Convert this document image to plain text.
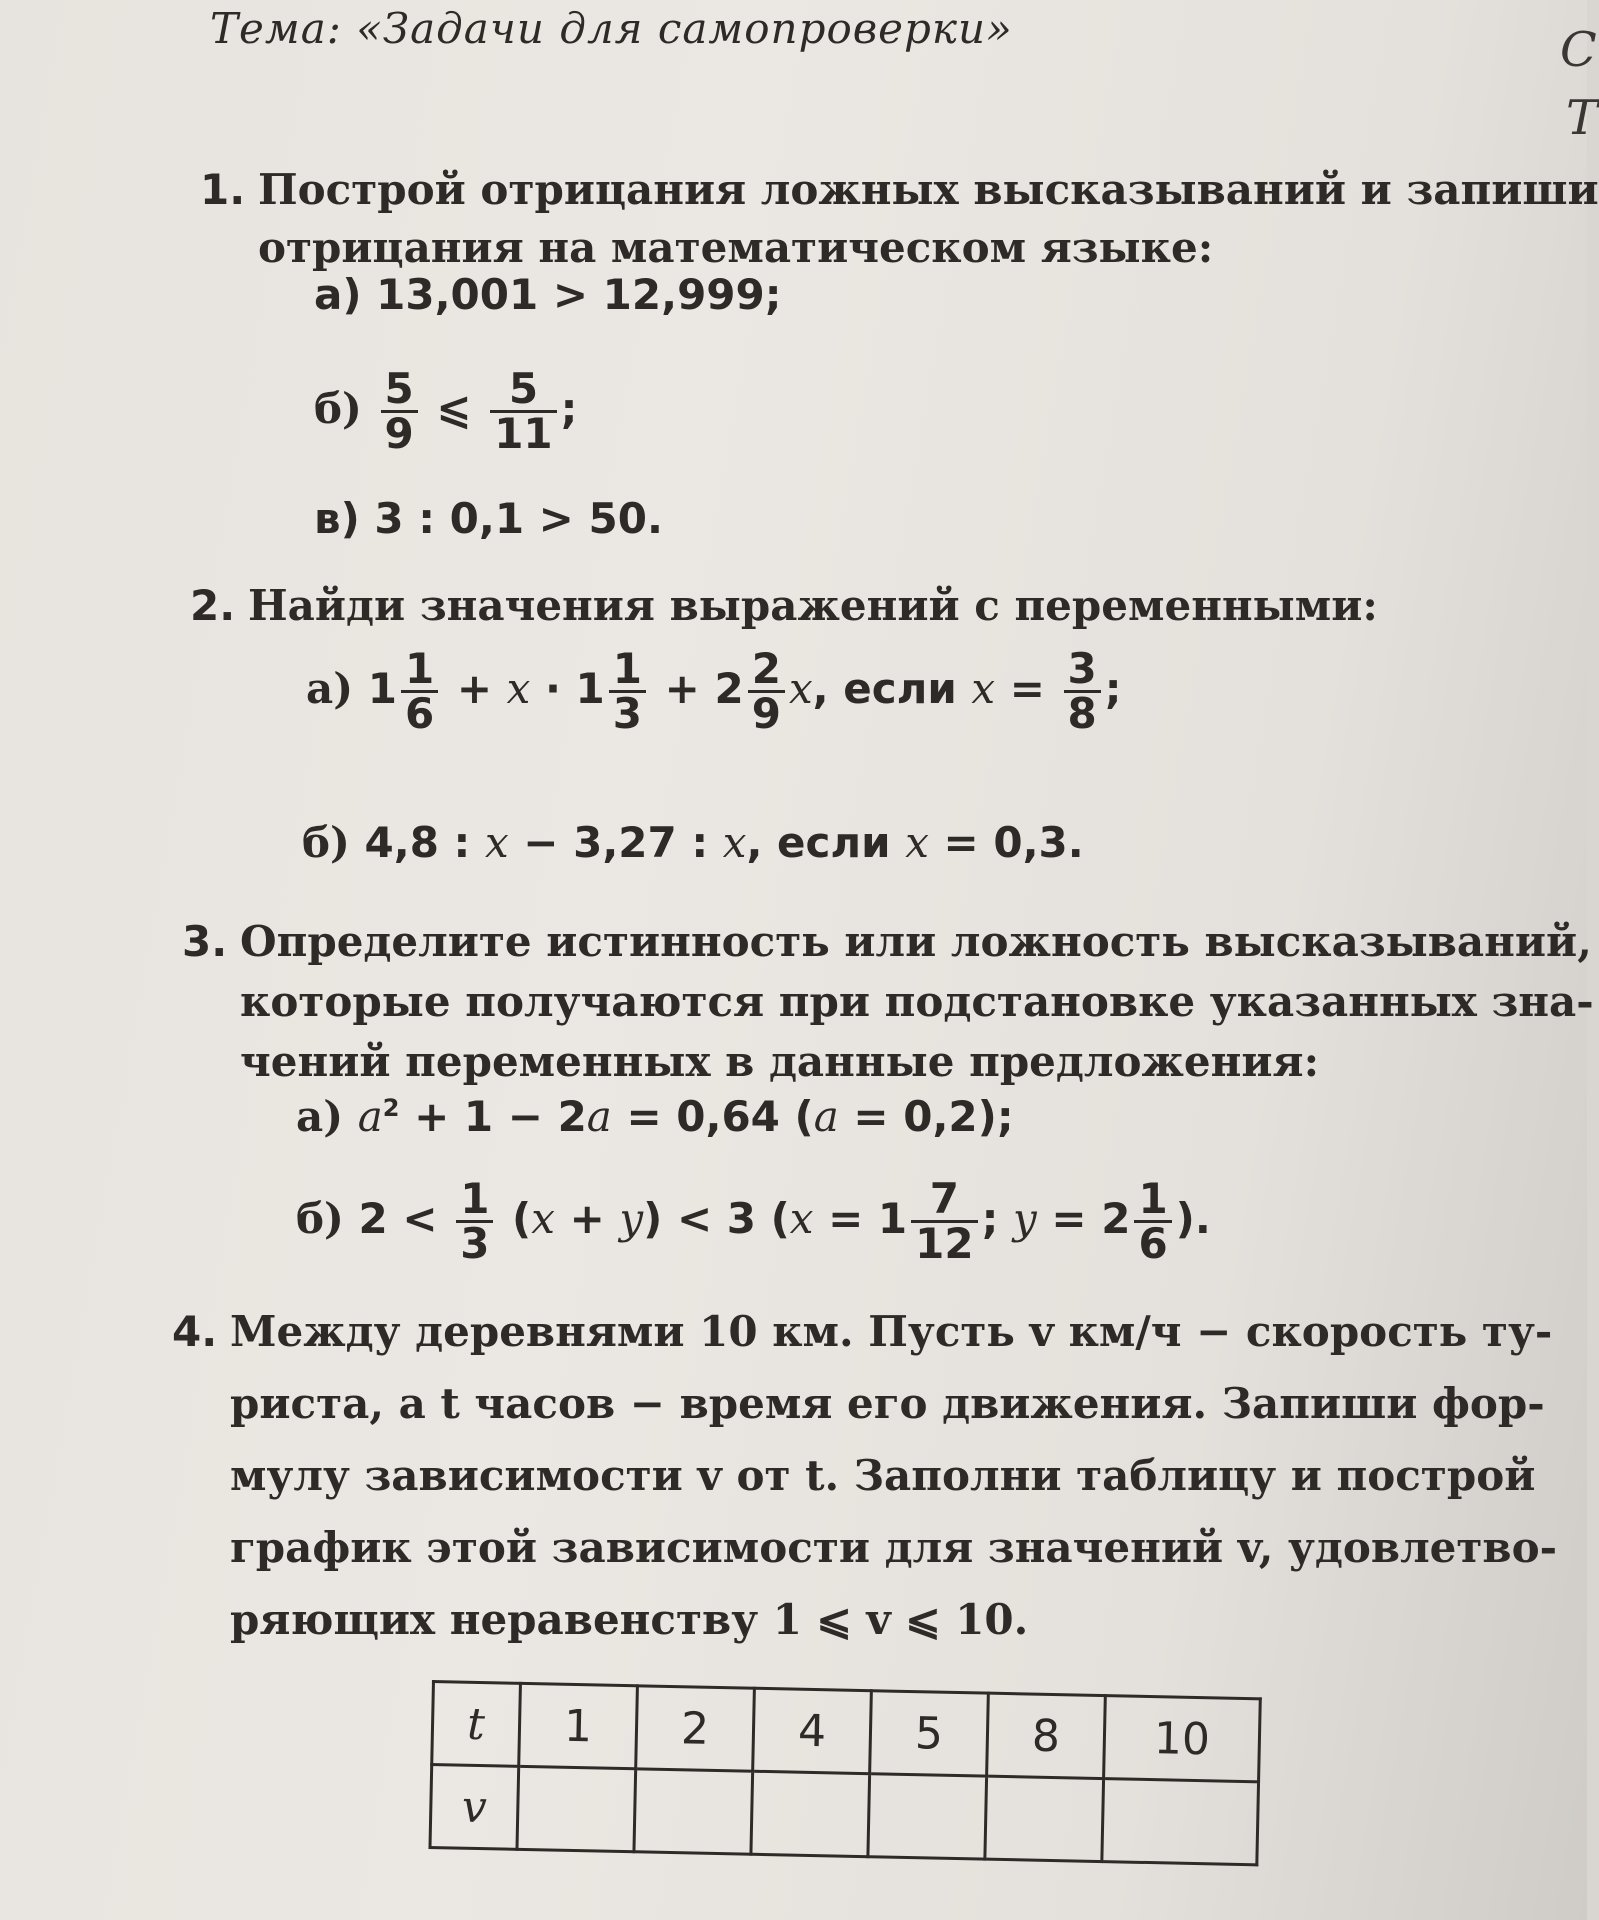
С
Т
Тема: «Задачи для самопроверки»
1. Построй отрицания ложных высказываний и запиши
отрицания на математическом языке:
а) 13,001 > 12,999;
$б) \frac{5}{9}$ ⩽ $\frac{5}{11}$ ;
в) 3 : 0,1 > 50.
2. Найди значения выражений с переменными:
а) $1 \frac{1}{6} + x \cdot 1 \frac{1}{3} + 2 \frac{2}{9} x$, если $x = \frac{3}{8}$ ;
б) 4,8 : x − 3,27 : x, если x = 0,3.
3. Определите истинность или ложность высказываний,
которые получаются при подстановке указанных зна-
чений переменных в данные предложения:
а) $a^2 + 1 - 2a = 0,64$ (a = 0,2);
б) $2 < \frac{1}{3} (x + y) < 3$ ($x = 1 \frac{7}{12}$ ; $y = 2 \frac{1}{6}$ ).
4. Между деревнями 10 км. Пусть v км/ч − скорость ту-
риста, а t часов − время его движения. Запиши фор-
мулу зависимости v от t. Заполни таблицу и построй
график этой зависимости для значений v, удовлетво-
ряющих неравенству 1 ⩽ v ⩽ 10.
t	1	2	4	5	8	10
v						
